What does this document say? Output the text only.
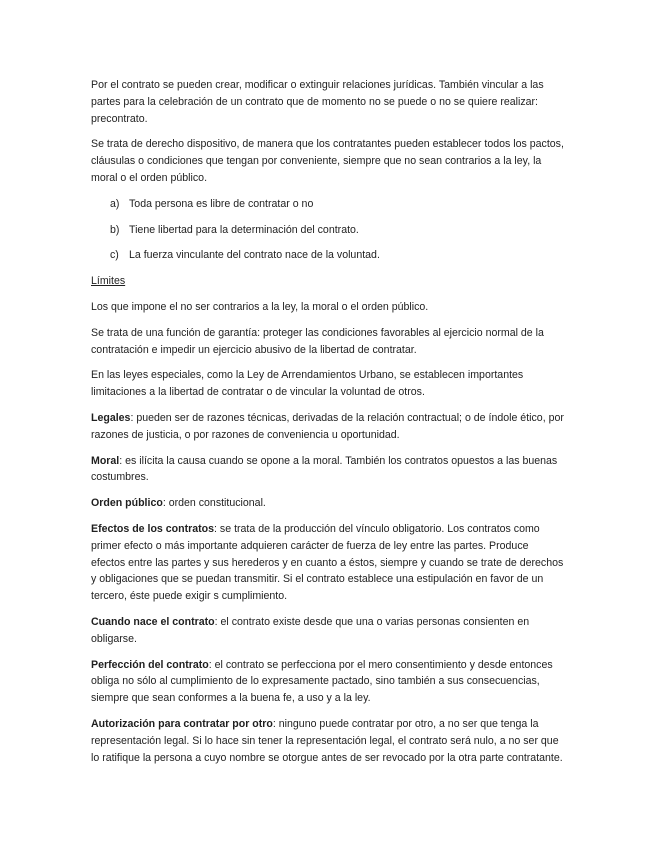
Por el contrato se pueden crear, modificar o extinguir relaciones jurídicas. También vincular a las partes para la celebración de un contrato que de momento no se puede o no se quiere realizar: precontrato.

Se trata de derecho dispositivo, de manera que los contratantes pueden establecer todos los pactos, cláusulas o condiciones que tengan por conveniente, siempre que no sean contrarios a la ley, la moral o el orden público.

a) Toda persona es libre de contratar o no
b) Tiene libertad para la determinación del contrato.
c) La fuerza vinculante del contrato nace de la voluntad.
Límites

Los que impone el no ser contrarios a la ley, la moral o el orden público.

Se trata de una función de garantía: proteger las condiciones favorables al ejercicio normal de la contratación e impedir un ejercicio abusivo de la libertad de contratar.

En las leyes especiales, como la Ley de Arrendamientos Urbano, se establecen importantes limitaciones a la libertad de contratar o de vincular la voluntad de otros.

Legales: pueden ser de razones técnicas, derivadas de la relación contractual; o de índole ético, por razones de justicia, o por razones de conveniencia u oportunidad.

Moral: es ilícita la causa cuando se opone a la moral. También los contratos opuestos a las buenas costumbres.

Orden público: orden constitucional.

Efectos de los contratos: se trata de la producción del vínculo obligatorio. Los contratos como primer efecto o más importante adquieren carácter de fuerza de ley entre las partes. Produce efectos entre las partes y sus herederos y en cuanto a éstos, siempre y cuando se trate de derechos y obligaciones que se puedan transmitir. Si el contrato establece una estipulación en favor de un tercero, éste puede exigir s cumplimiento.

Cuando nace el contrato: el contrato existe desde que una o varias personas consienten en obligarse.

Perfección del contrato: el contrato se perfecciona por el mero consentimiento y desde entonces obliga no sólo al cumplimiento de lo expresamente pactado, sino también a sus consecuencias, siempre que sean conformes a la buena fe, a uso y a la ley.

Autorización para contratar por otro: ninguno puede contratar por otro, a no ser que tenga la representación legal. Si lo hace sin tener la representación legal, el contrato será nulo, a no ser que lo ratifique la persona a cuyo nombre se otorgue antes de ser revocado por la otra parte contratante.
